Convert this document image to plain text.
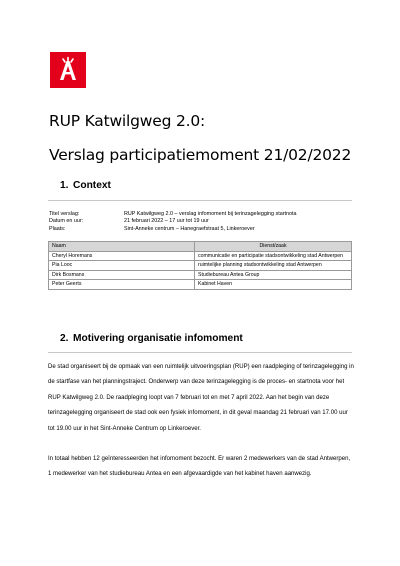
RUP Katwilgweg 2.0:
Verslag participatiemoment 21/02/2022
1. Context
Titel verslag:	RUP Katwilgweg 2.0 – verslag infomoment bij terinzagelegging startnota
Datum en uur:	21 februari 2022 – 17 uur tot 19 uur
Plaats:	Sint-Anneke centrum – Hanegraefstraat 5, Linkeroever
Naam	Dienst/zaak
Cheryl Horemans	communicatie en participatie stadsontwikkeling stad Antwerpen
Pia Looc	ruimtelijke planning stadsontwikkeling stad Antwerpen
Dirk Bosmans	Studiebureau Antea Group
Peter Geerts	Kabinet Haven
2. Motivering organisatie infomoment

De stad organiseert bij de opmaak van een ruimtelijk uitvoeringsplan (RUP) een raadpleging of terinzagelegging in de startfase van het planningstraject. Onderwerp van deze terinzagelegging is de proces- en startnota voor het RUP Katwilgweg 2.0. De raadpleging loopt van 7 februari tot en met 7 april 2022. Aan het begin van deze terinzagelegging organiseert de stad ook een fysiek infomoment, in dit geval maandag 21 februari van 17.00 uur tot 19.00 uur in het Sint-Anneke Centrum op Linkeroever.

In totaal hebben 12 geïnteresseerden het infomoment bezocht. Er waren 2 medewerkers van de stad Antwerpen, 1 medewerker van het studiebureau Antea en een afgevaardigde van het kabinet haven aanwezig.
